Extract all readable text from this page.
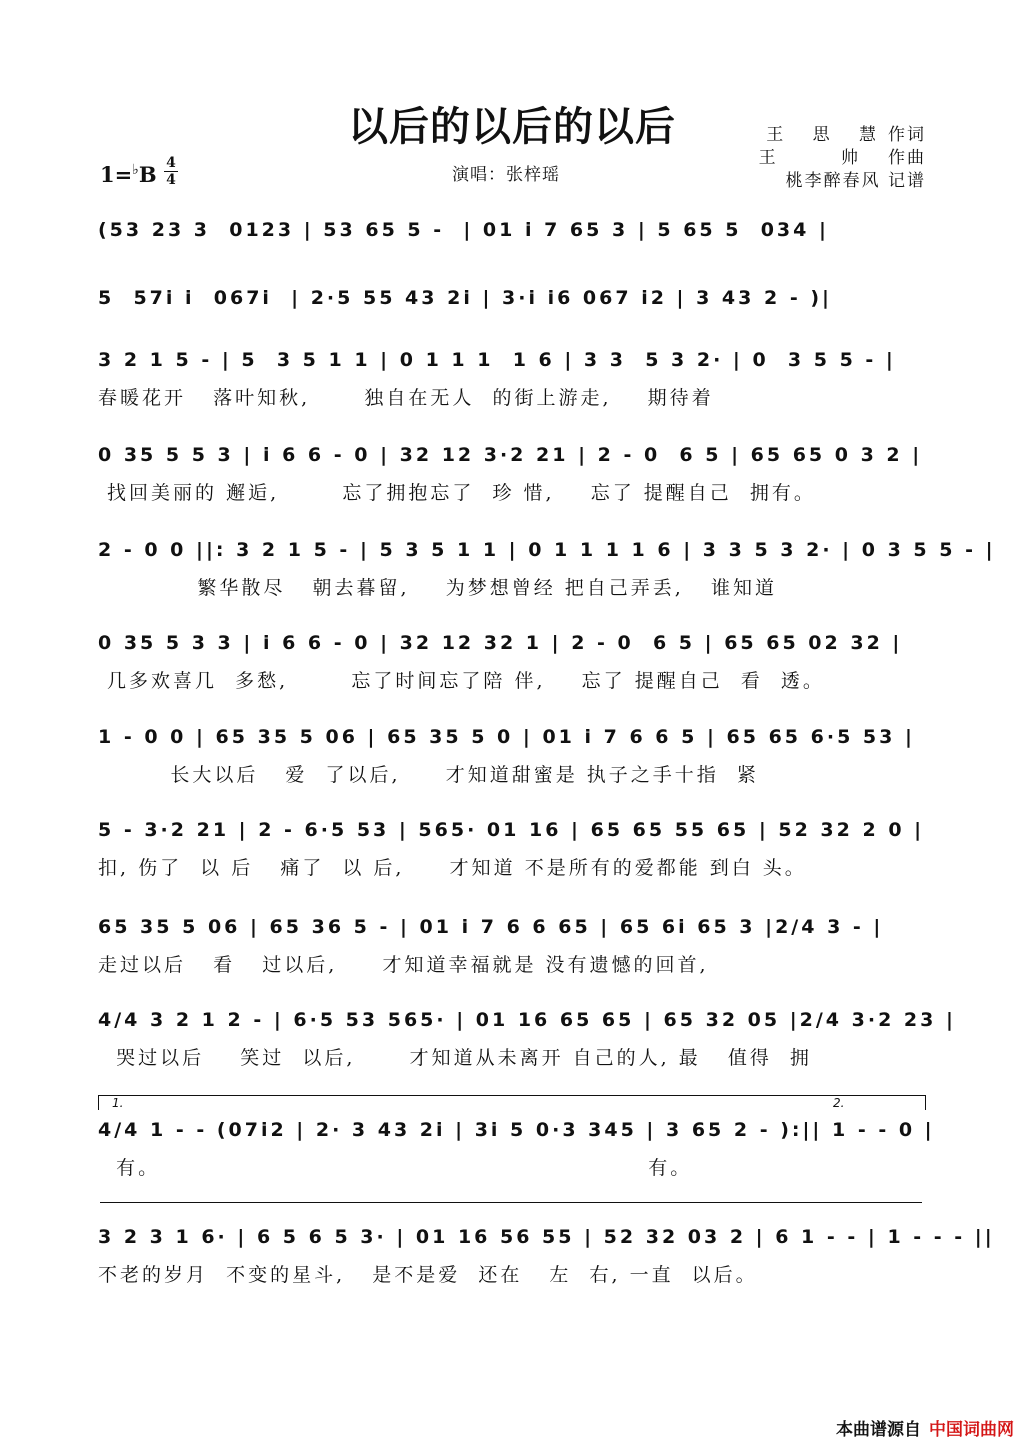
以后的以后的以后
1=♭B 4
4	演唱：张梓瑶
王 思 慧作词
王 帅作曲
桃李醉春风 记谱
(53 23 3  0123 | 53 65 5 -  | 01 i 7 65 3 | 5 65 5  034 |
5  57i i  067i  | 2·5 55 43 2i | 3·i i6 067 i2 | 3 43 2 - )|
3 2 1 5 - | 5  3 5 1 1 | 0 1 1 1  1 6 | 3 3  5 3 2· | 0  3 5 5 - |
春暖花开   落叶知秋,      独自在无人  的街上游走,    期待着
0 35 5 5 3 | i 6 6 - 0 | 32 12 3·2 21 | 2 - 0  6 5 | 65 65 0 3 2 |
找回美丽的 邂逅,       忘了拥抱忘了  珍 惜,    忘了 提醒自己  拥有。
2 - 0 0 ||: 3 2 1 5 - | 5 3 5 1 1 | 0 1 1 1 1 6 | 3 3 5 3 2· | 0 3 5 5 - |
繁华散尽   朝去暮留,    为梦想曾经 把自己弄丢,   谁知道
0 35 5 3 3 | i 6 6 - 0 | 32 12 32 1 | 2 - 0  6 5 | 65 65 02 32 |
几多欢喜几  多愁,       忘了时间忘了陪 伴,    忘了 提醒自己  看  透。
1 - 0 0 | 65 35 5 06 | 65 35 5 0 | 01 i 7 6 6 5 | 65 65 6·5 53 |
长大以后   爱  了以后,     才知道甜蜜是 执子之手十指  紧
5 - 3·2 21 | 2 - 6·5 53 | 565· 01 16 | 65 65 55 65 | 52 32 2 0 |
扣, 伤了  以 后   痛了  以 后,     才知道 不是所有的爱都能 到白 头。
65 35 5 06 | 65 36 5 - | 01 i 7 6 6 65 | 65 6i 65 3 |2/4 3 - |
走过以后   看   过以后,     才知道幸福就是 没有遗憾的回首,
4/4 3 2 1 2 - | 6·5 53 565· | 01 16 65 65 | 65 32 05 |2/4 3·2 23 |
哭过以后    笑过  以后,      才知道从未离开 自己的人, 最   值得  拥
4/4 1 - - (07i2 | 2· 3 43 2i | 3i 5 0·3 345 | 3 65 2 - ):|| 1 - - 0 |
有。                                                      有。
3 2 3 1 6· | 6 5 6 5 3· | 01 16 56 55 | 52 32 03 2 | 6 1 - - | 1 - - - ||
不老的岁月  不变的星斗,   是不是爱  还在   左  右, 一直  以后。
1.	2.
本曲谱源自 中国词曲网
